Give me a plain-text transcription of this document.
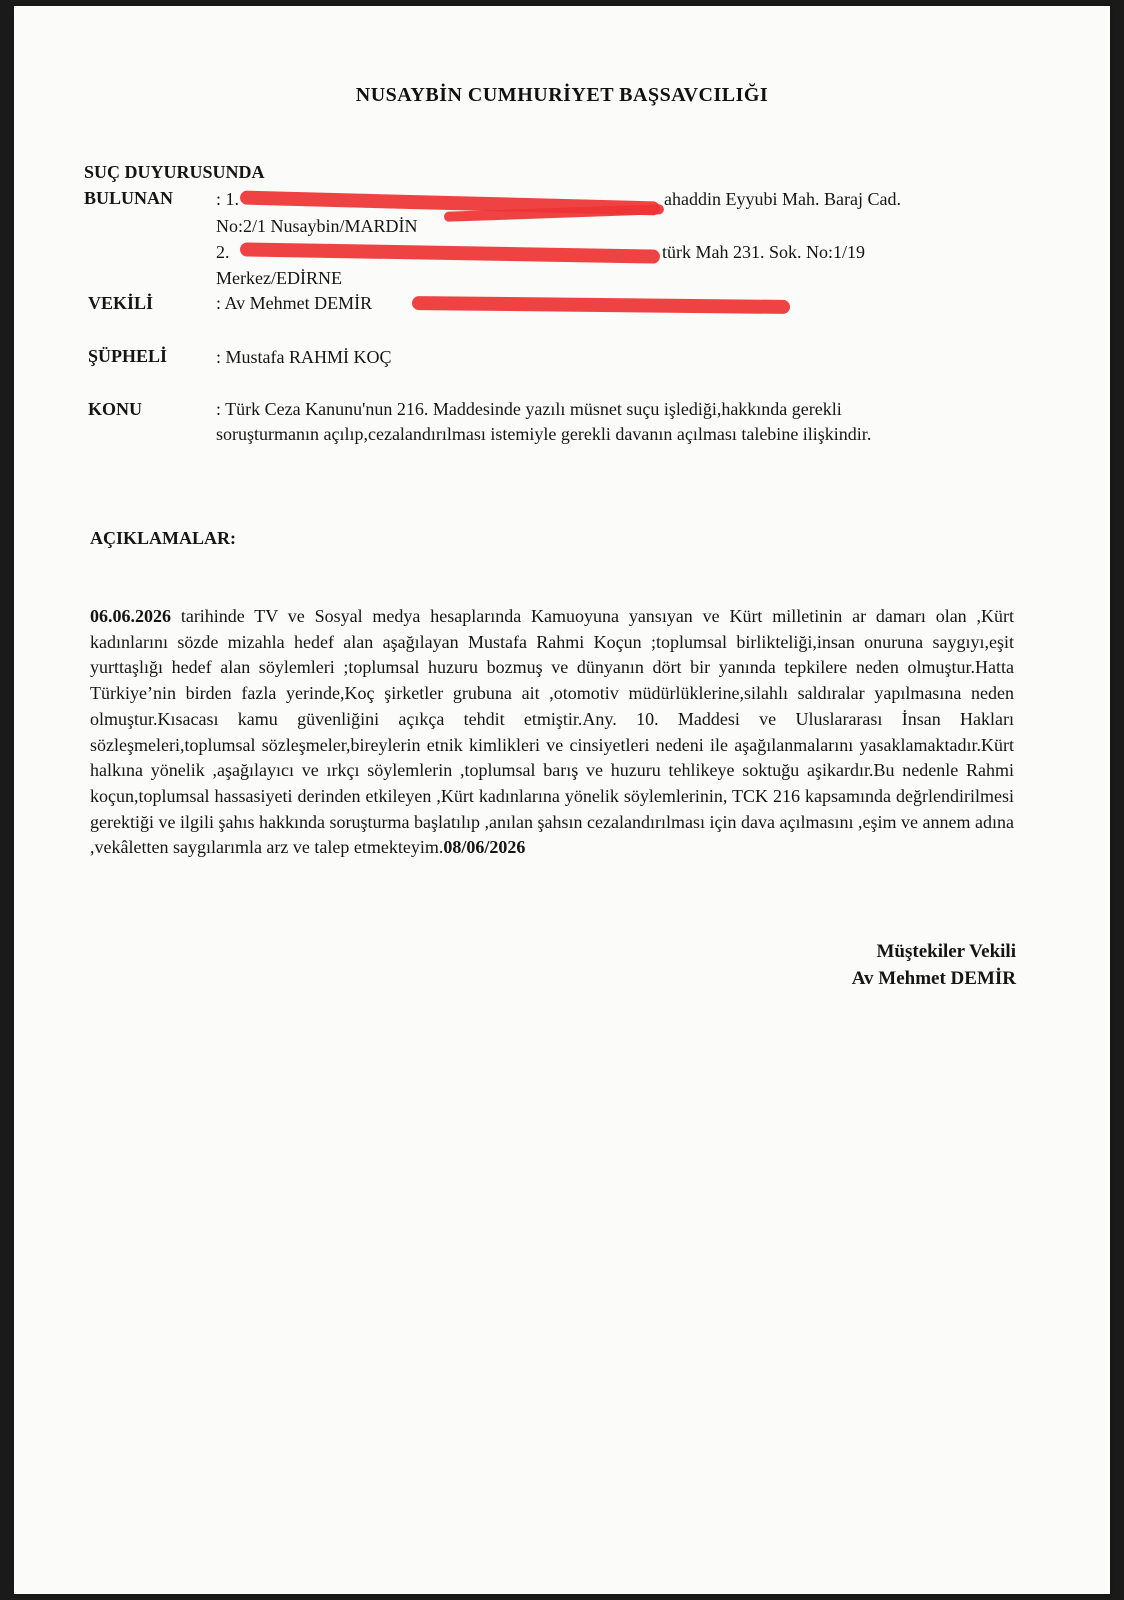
NUSAYBİN CUMHURİYET BAŞSAVCILIĞI
SUÇ DUYURUSUNDA
BULUNAN : 1.	ahaddin Eyyubi Mah. Baraj Cad.
No:2/1 Nusaybin/MARDİN
2.	türk Mah 231. Sok. No:1/19
Merkez/EDİRNE
VEKİLİ	: Av Mehmet DEMİR
ŞÜPHELİ	: Mustafa RAHMİ KOÇ
KONU	: Türk Ceza Kanunu'nun 216. Maddesinde yazılı müsnet suçu işlediği,hakkında gerekli
soruşturmanın açılıp,cezalandırılması istemiyle gerekli davanın açılması talebine ilişkindir.
AÇIKLAMALAR:
06.06.2026 tarihinde TV ve Sosyal medya hesaplarında Kamuoyuna yansıyan ve Kürt milletinin ar damarı olan ,Kürt kadınlarını sözde mizahla hedef alan aşağılayan Mustafa Rahmi Koçun ;toplumsal birlikteliği,insan onuruna saygıyı,eşit yurttaşlığı hedef alan söylemleri ;toplumsal huzuru bozmuş ve dünyanın dört bir yanında tepkilere neden olmuştur.Hatta Türkiye’nin birden fazla yerinde,Koç şirketler grubuna ait ,otomotiv müdürlüklerine,silahlı saldıralar yapılmasına neden olmuştur.Kısacası kamu güvenliğini açıkça tehdit etmiştir.Any. 10. Maddesi ve Uluslararası İnsan Hakları sözleşmeleri,toplumsal sözleşmeler,bireylerin etnik kimlikleri ve cinsiyetleri nedeni ile aşağılanmalarını yasaklamaktadır.Kürt halkına yönelik ,aşağılayıcı ve ırkçı söylemlerin ,toplumsal barış ve huzuru tehlikeye soktuğu aşikardır.Bu nedenle Rahmi koçun,toplumsal hassasiyeti derinden etkileyen ,Kürt kadınlarına yönelik söylemlerinin, TCK 216 kapsamında değrlendirilmesi gerektiği ve ilgili şahıs hakkında soruşturma başlatılıp ,anılan şahsın cezalandırılması için dava açılmasını ,eşim ve annem adına ,vekâletten saygılarımla arz ve talep etmekteyim.08/06/2026
Müştekiler Vekili
Av Mehmet DEMİR
